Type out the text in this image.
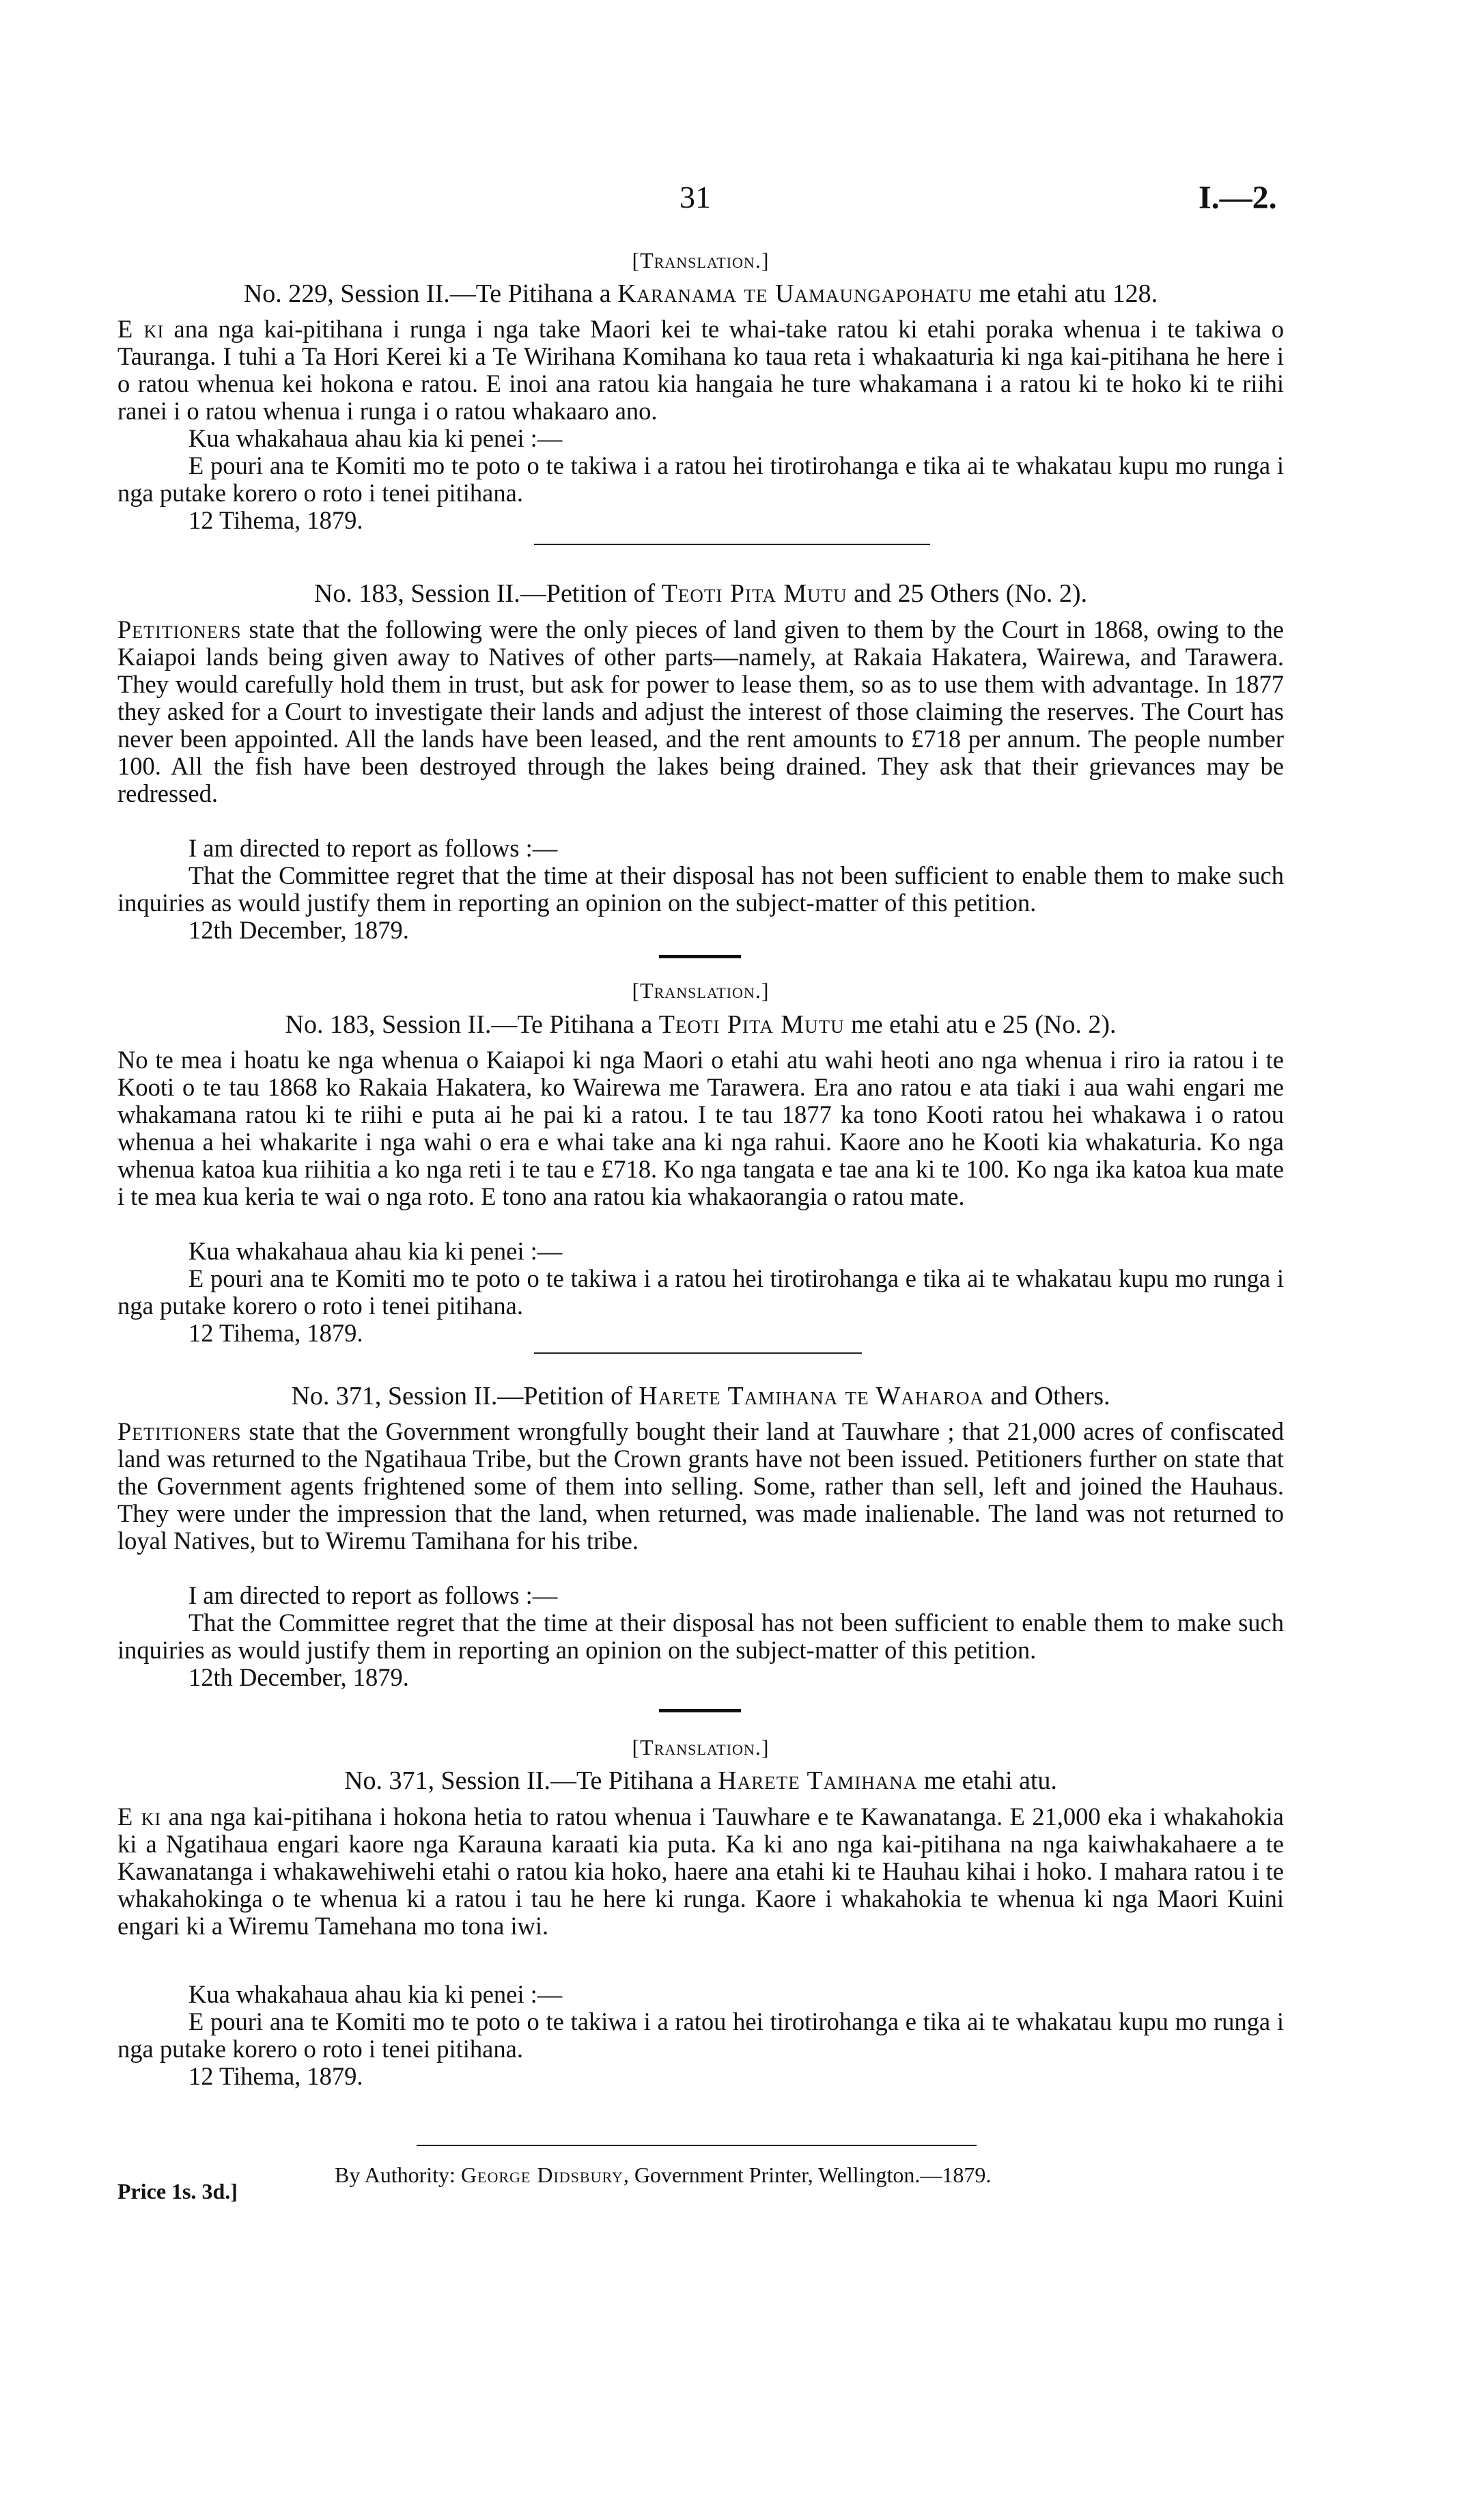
31	I.—2.
[Translation.]
No. 229, Session II.—Te Pitihana a Karanama te Uamaungapohatu me etahi atu 128.
E ki ana nga kai-pitihana i runga i nga take Maori kei te whai-take ratou ki etahi poraka whenua i te takiwa o Tauranga. I tuhi a Ta Hori Kerei ki a Te Wirihana Komihana ko taua reta i whakaaturia ki nga kai-pitihana he here i o ratou whenua kei hokona e ratou. E inoi ana ratou kia hangaia he ture whakamana i a ratou ki te hoko ki te riihi ranei i o ratou whenua i runga i o ratou whakaaro ano.
Kua whakahaua ahau kia ki penei :—
E pouri ana te Komiti mo te poto o te takiwa i a ratou hei tirotirohanga e tika ai te whakatau kupu mo runga i nga putake korero o roto i tenei pitihana.
12 Tihema, 1879.
No. 183, Session II.—Petition of Teoti Pita Mutu and 25 Others (No. 2).
Petitioners state that the following were the only pieces of land given to them by the Court in 1868, owing to the Kaiapoi lands being given away to Natives of other parts—namely, at Rakaia Hakatera, Wairewa, and Tarawera. They would carefully hold them in trust, but ask for power to lease them, so as to use them with advantage. In 1877 they asked for a Court to investigate their lands and adjust the interest of those claiming the reserves. The Court has never been appointed. All the lands have been leased, and the rent amounts to £718 per annum. The people number 100. All the fish have been destroyed through the lakes being drained. They ask that their grievances may be redressed.
I am directed to report as follows :—
That the Committee regret that the time at their disposal has not been sufficient to enable them to make such inquiries as would justify them in reporting an opinion on the subject-matter of this petition.
12th December, 1879.
[Translation.]
No. 183, Session II.—Te Pitihana a Teoti Pita Mutu me etahi atu e 25 (No. 2).
No te mea i hoatu ke nga whenua o Kaiapoi ki nga Maori o etahi atu wahi heoti ano nga whenua i riro ia ratou i te Kooti o te tau 1868 ko Rakaia Hakatera, ko Wairewa me Tarawera. Era ano ratou e ata tiaki i aua wahi engari me whakamana ratou ki te riihi e puta ai he pai ki a ratou. I te tau 1877 ka tono Kooti ratou hei whakawa i o ratou whenua a hei whakarite i nga wahi o era e whai take ana ki nga rahui. Kaore ano he Kooti kia whakaturia. Ko nga whenua katoa kua riihitia a ko nga reti i te tau e £718. Ko nga tangata e tae ana ki te 100. Ko nga ika katoa kua mate i te mea kua keria te wai o nga roto. E tono ana ratou kia whakaorangia o ratou mate.
Kua whakahaua ahau kia ki penei :—
E pouri ana te Komiti mo te poto o te takiwa i a ratou hei tirotirohanga e tika ai te whakatau kupu mo runga i nga putake korero o roto i tenei pitihana.
12 Tihema, 1879.
No. 371, Session II.—Petition of Harete Tamihana te Waharoa and Others.
Petitioners state that the Government wrongfully bought their land at Tauwhare ; that 21,000 acres of confiscated land was returned to the Ngatihaua Tribe, but the Crown grants have not been issued. Petitioners further on state that the Government agents frightened some of them into selling. Some, rather than sell, left and joined the Hauhaus. They were under the impression that the land, when returned, was made inalienable. The land was not returned to loyal Natives, but to Wiremu Tamihana for his tribe.
I am directed to report as follows :—
That the Committee regret that the time at their disposal has not been sufficient to enable them to make such inquiries as would justify them in reporting an opinion on the subject-matter of this petition.
12th December, 1879.
[Translation.]
No. 371, Session II.—Te Pitihana a Harete Tamihana me etahi atu.
E ki ana nga kai-pitihana i hokona hetia to ratou whenua i Tauwhare e te Kawanatanga. E 21,000 eka i whakahokia ki a Ngatihaua engari kaore nga Karauna karaati kia puta. Ka ki ano nga kai-pitihana na nga kaiwhakahaere a te Kawanatanga i whakawehiwehi etahi o ratou kia hoko, haere ana etahi ki te Hauhau kihai i hoko. I mahara ratou i te whakahokinga o te whenua ki a ratou i tau he here ki runga. Kaore i whakahokia te whenua ki nga Maori Kuini engari ki a Wiremu Tamehana mo tona iwi.
Kua whakahaua ahau kia ki penei :—
E pouri ana te Komiti mo te poto o te takiwa i a ratou hei tirotirohanga e tika ai te whakatau kupu mo runga i nga putake korero o roto i tenei pitihana.
12 Tihema, 1879.
By Authority: George Didsbury, Government Printer, Wellington.—1879.
Price 1s. 3d.]
